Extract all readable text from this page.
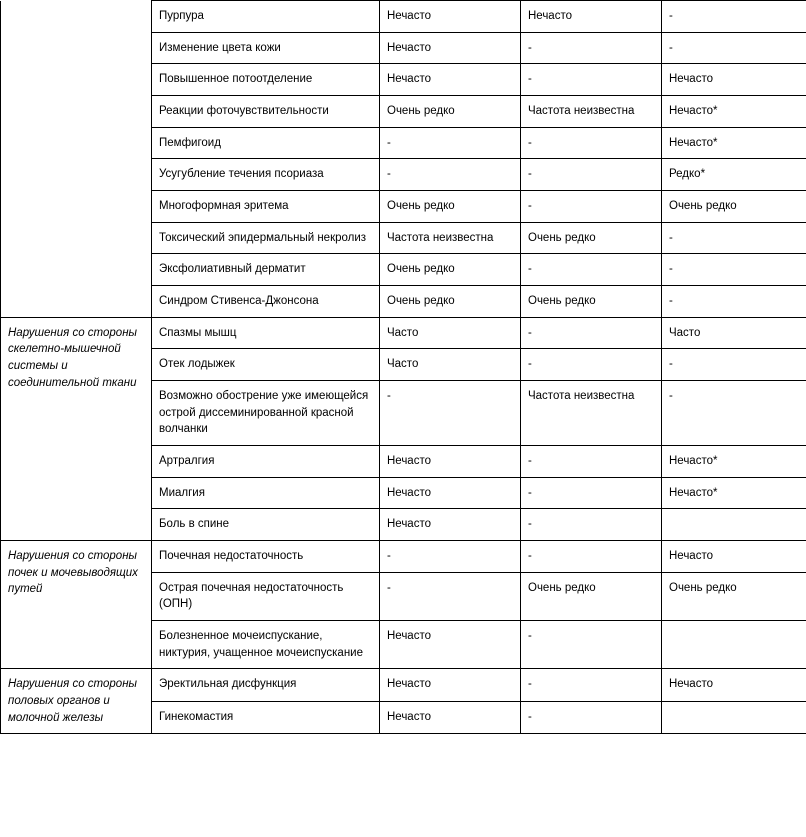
	Пурпура	Нечасто	Нечасто	-
	Изменение цвета кожи	Нечасто	-	-
	Повышенное потоотделение	Нечасто	-	Нечасто
	Реакции фоточувствительности	Очень редко	Частота неизвестна	Нечасто*
	Пемфигоид	-	-	Нечасто*
	Усугубление течения псориаза	-	-	Редко*
	Многоформная эритема	Очень редко	-	Очень редко
	Токсический эпидермальный некролиз	Частота неизвестна	Очень редко	-
	Эксфолиативный дерматит	Очень редко	-	-
	Синдром Стивенса-Джонсона	Очень редко	Очень редко	-
Нарушения со стороны скелетно-мышечной системы и соединительной ткани	Спазмы мышц	Часто	-	Часто
	Отек лодыжек	Часто	-	-
	Возможно обострение уже имеющейся острой диссеминированной красной волчанки	-	Частота неизвестна	-
	Артралгия	Нечасто	-	Нечасто*
	Миалгия	Нечасто	-	Нечасто*
	Боль в спине	Нечасто	-	
Нарушения со стороны почек и мочевыводящих путей	Почечная недостаточность	-	-	Нечасто
	Острая почечная недостаточность (ОПН)	-	Очень редко	Очень редко
	Болезненное мочеиспускание, никтурия, учащенное мочеиспускание	Нечасто	-	
Нарушения со стороны половых органов и молочной железы	Эректильная дисфункция	Нечасто	-	Нечасто
	Гинекомастия	Нечасто	-	
